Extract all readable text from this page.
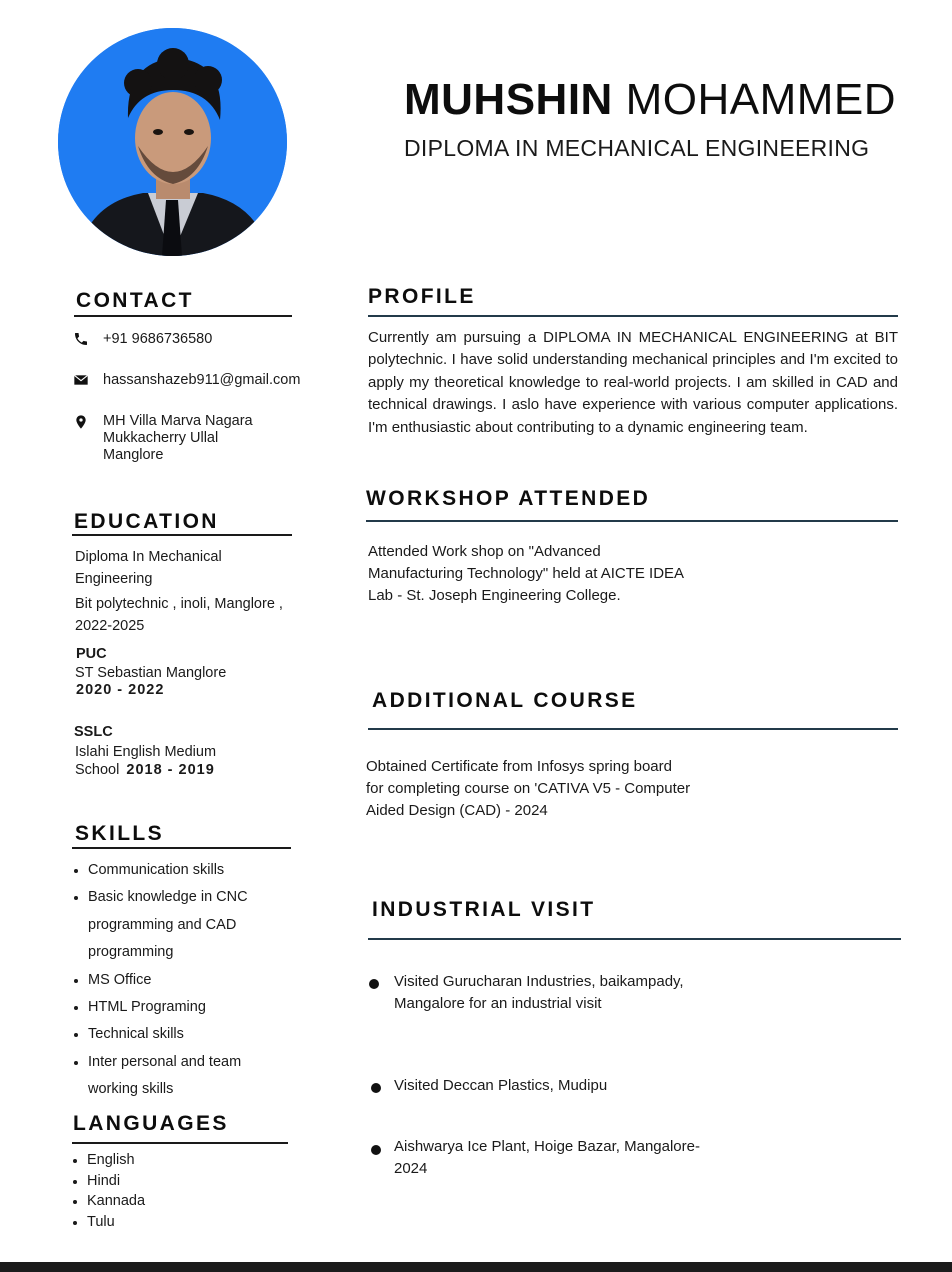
MUHSHIN MOHAMMED
DIPLOMA IN MECHANICAL ENGINEERING
CONTACT
+91 9686736580
hassanshazeb911@gmail.com
MH Villa Marva Nagara
Mukkacherry Ullal
Manglore
EDUCATION
Diploma In Mechanical
Engineering
Bit polytechnic , inoli, Manglore ,
2022-2025
PUC
ST Sebastian Manglore
2020 - 2022
SSLC
Islahi English Medium
School 2018 - 2019
SKILLS
• Communication skills
• Basic knowledge in CNC
programming and CAD
programming
• MS Office
• HTML Programing
• Technical skills
• Inter personal and team
working skills
LANGUAGES
• English
• Hindi
• Kannada
• Tulu
PROFILE
Currently am pursuing a DIPLOMA IN MECHANICAL ENGINEERING at BIT polytechnic. I have solid understanding mechanical principles and I'm excited to apply my theoretical knowledge to real-world projects. I am skilled in CAD and technical drawings. I aslo have experience with various computer applications. I'm enthusiastic about contributing to a dynamic engineering team.
WORKSHOP ATTENDED
Attended Work shop on "Advanced
Manufacturing Technology" held at AICTE IDEA
Lab - St. Joseph Engineering College.
ADDITIONAL COURSE
Obtained Certificate from Infosys spring board
for completing course on 'CATIVA V5 - Computer
Aided Design (CAD) - 2024
INDUSTRIAL VISIT
Visited Gurucharan Industries, baikampady,
Mangalore for an industrial visit
Visited Deccan Plastics, Mudipu
Aishwarya Ice Plant, Hoige Bazar, Mangalore-
2024
